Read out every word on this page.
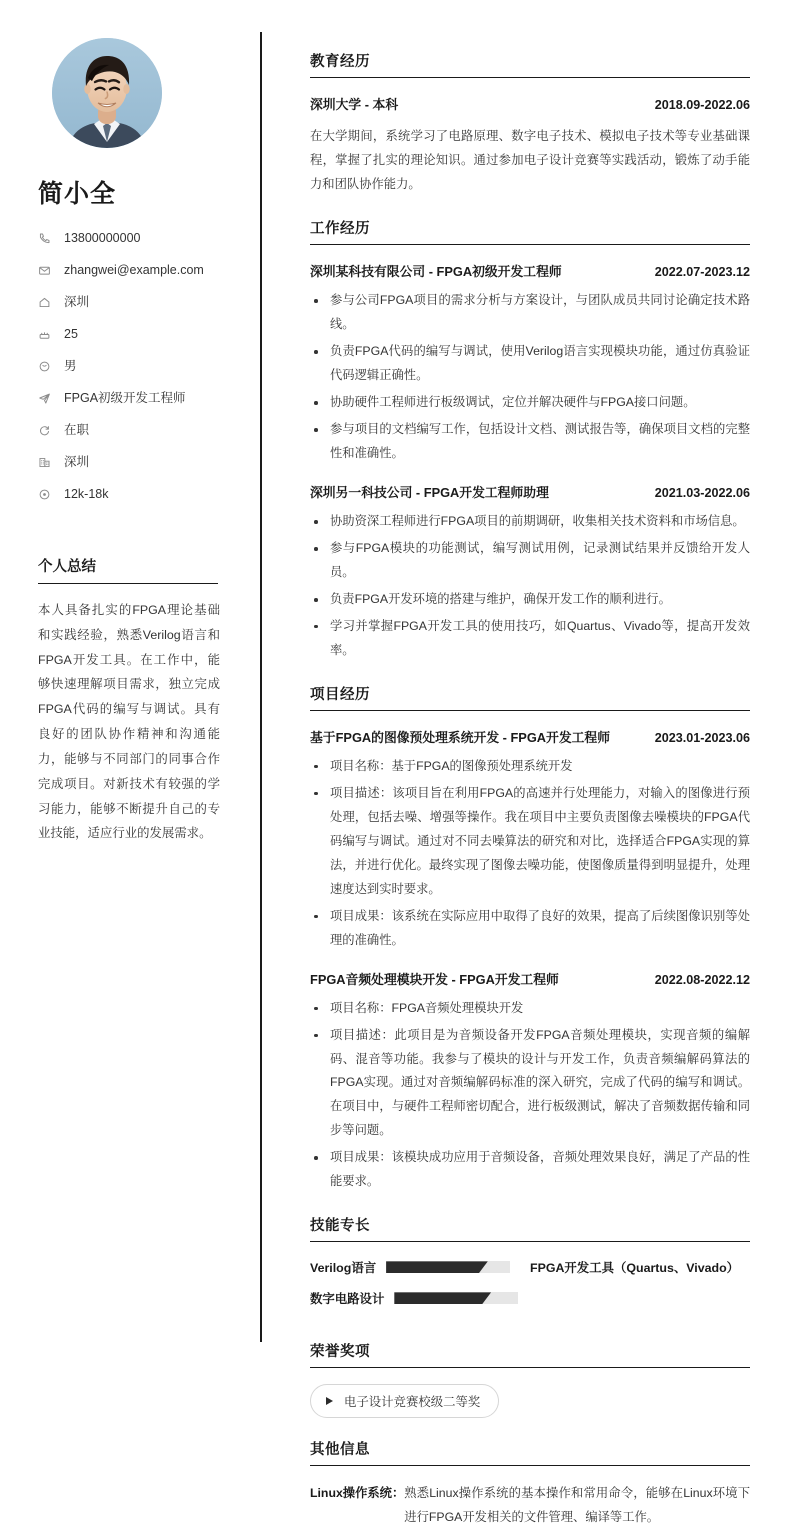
简小全
13800000000
zhangwei@example.com
深圳
25
男
FPGA初级开发工程师
在职
深圳
12k-18k
个人总结

本人具备扎实的FPGA理论基础和实践经验，熟悉Verilog语言和FPGA开发工具。在工作中，能够快速理解项目需求，独立完成FPGA代码的编写与调试。具有良好的团队协作精神和沟通能力，能够与不同部门的同事合作完成项目。对新技术有较强的学习能力，能够不断提升自己的专业技能，适应行业的发展需求。

教育经历
深圳大学 - 本科	2018.09-2022.06

在大学期间，系统学习了电路原理、数字电子技术、模拟电子技术等专业基础课程，掌握了扎实的理论知识。通过参加电子设计竞赛等实践活动，锻炼了动手能力和团队协作能力。

工作经历
深圳某科技有限公司 - FPGA初级开发工程师	2022.07-2023.12
参与公司FPGA项目的需求分析与方案设计，与团队成员共同讨论确定技术路线。
负责FPGA代码的编写与调试，使用Verilog语言实现模块功能，通过仿真验证代码逻辑正确性。
协助硬件工程师进行板级调试，定位并解决硬件与FPGA接口问题。
参与项目的文档编写工作，包括设计文档、测试报告等，确保项目文档的完整性和准确性。
深圳另一科技公司 - FPGA开发工程师助理	2021.03-2022.06
协助资深工程师进行FPGA项目的前期调研，收集相关技术资料和市场信息。
参与FPGA模块的功能测试，编写测试用例，记录测试结果并反馈给开发人员。
负责FPGA开发环境的搭建与维护，确保开发工作的顺利进行。
学习并掌握FPGA开发工具的使用技巧，如Quartus、Vivado等，提高开发效率。
项目经历
基于FPGA的图像预处理系统开发 - FPGA开发工程师	2023.01-2023.06
项目名称：基于FPGA的图像预处理系统开发
项目描述：该项目旨在利用FPGA的高速并行处理能力，对输入的图像进行预处理，包括去噪、增强等操作。我在项目中主要负责图像去噪模块的FPGA代码编写与调试。通过对不同去噪算法的研究和对比，选择适合FPGA实现的算法，并进行优化。最终实现了图像去噪功能，使图像质量得到明显提升，处理速度达到实时要求。
项目成果：该系统在实际应用中取得了良好的效果，提高了后续图像识别等处理的准确性。
FPGA音频处理模块开发 - FPGA开发工程师	2022.08-2022.12
项目名称：FPGA音频处理模块开发
项目描述：此项目是为音频设备开发FPGA音频处理模块，实现音频的编解码、混音等功能。我参与了模块的设计与开发工作，负责音频编解码算法的FPGA实现。通过对音频编解码标准的深入研究，完成了代码的编写和调试。在项目中，与硬件工程师密切配合，进行板级测试，解决了音频数据传输和同步等问题。
项目成果：该模块成功应用于音频设备，音频处理效果良好，满足了产品的性能要求。
技能专长
Verilog语言	FPGA开发工具（Quartus、Vivado）
数字电路设计
荣誉奖项
电子设计竞赛校级二等奖
其他信息
Linux操作系统： 熟悉Linux操作系统的基本操作和常用命令，能够在Linux环境下进行FPGA开发相关的文件管理、编译等工作。
